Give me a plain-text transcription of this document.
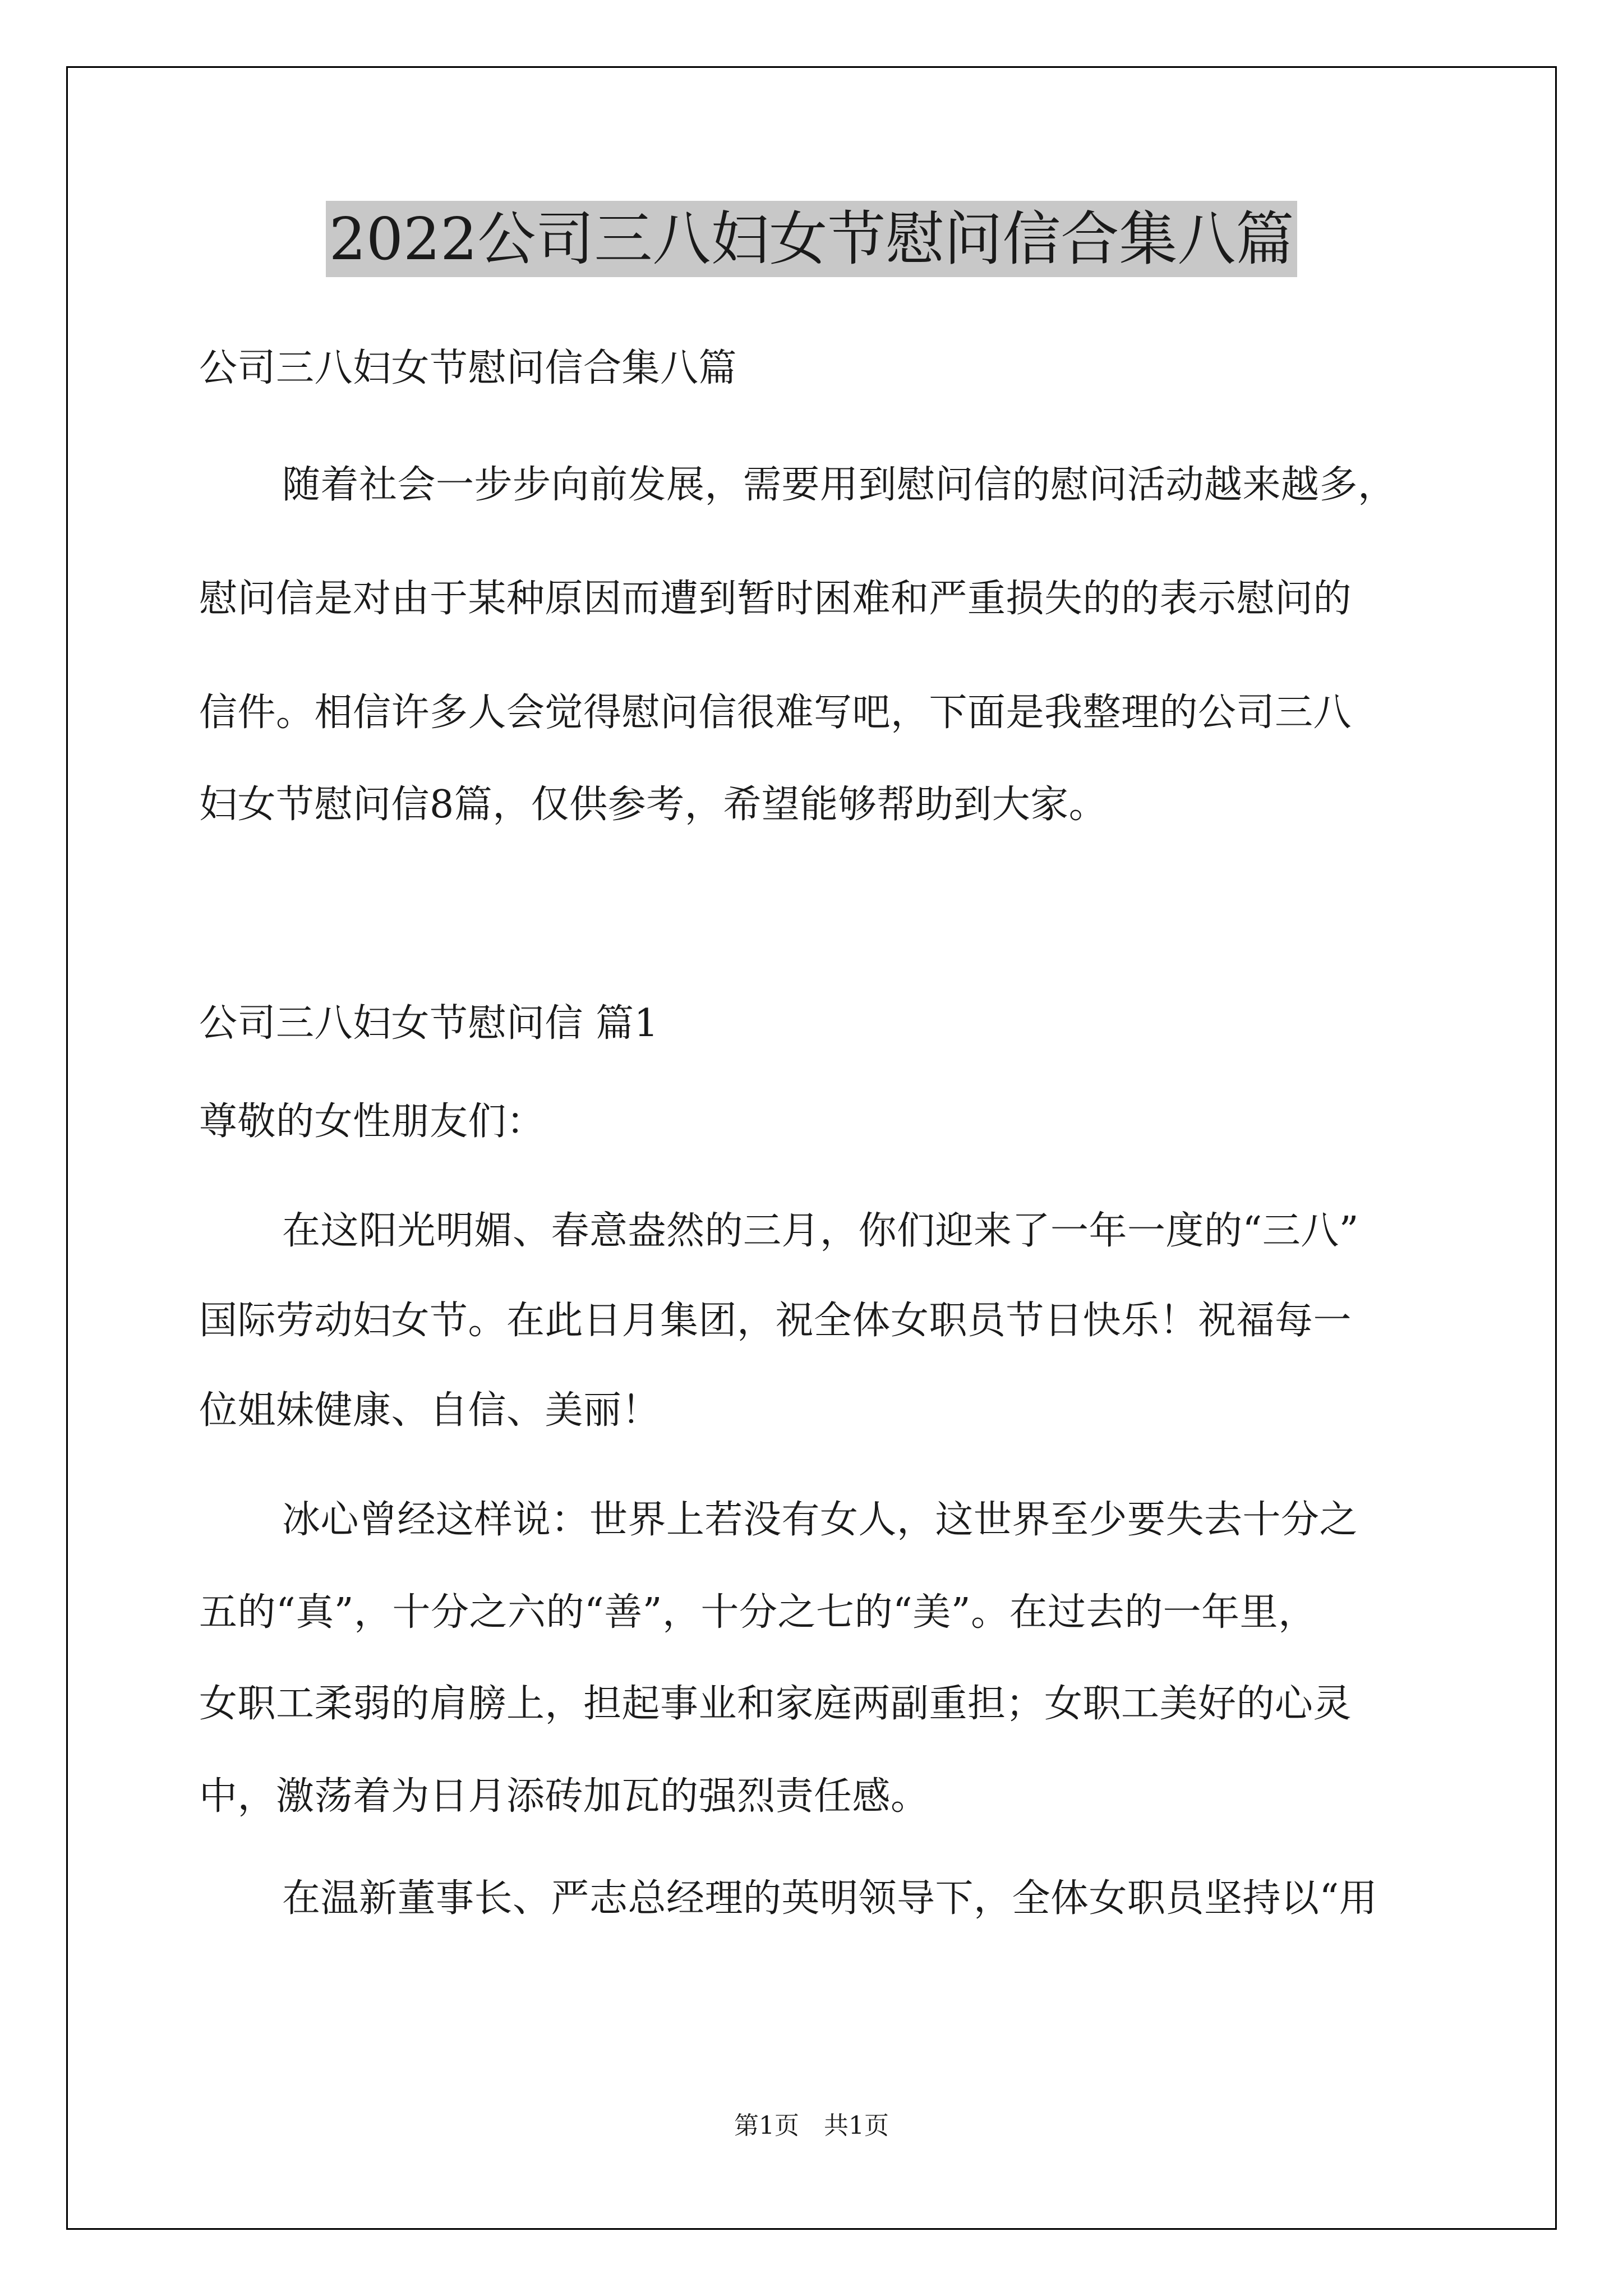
2022公司三八妇女节慰问信合集八篇
公司三八妇女节慰问信合集八篇
随着社会一步步向前发展，需要用到慰问信的慰问活动越来越多，
慰问信是对由于某种原因而遭到暂时困难和严重损失的的表示慰问的
信件。相信许多人会觉得慰问信很难写吧，下面是我整理的公司三八
妇女节慰问信8篇，仅供参考，希望能够帮助到大家。
公司三八妇女节慰问信 篇1
尊敬的女性朋友们：
在这阳光明媚、春意盎然的三月，你们迎来了一年一度的“三八”
国际劳动妇女节。在此日月集团，祝全体女职员节日快乐！祝福每一
位姐妹健康、自信、美丽！
冰心曾经这样说：世界上若没有女人，这世界至少要失去十分之
五的“真”，十分之六的“善”，十分之七的“美”。在过去的一年里，
女职工柔弱的肩膀上，担起事业和家庭两副重担；女职工美好的心灵
中，激荡着为日月添砖加瓦的强烈责任感。
在温新董事长、严志总经理的英明领导下，全体女职员坚持以“用
第1页　共1页
